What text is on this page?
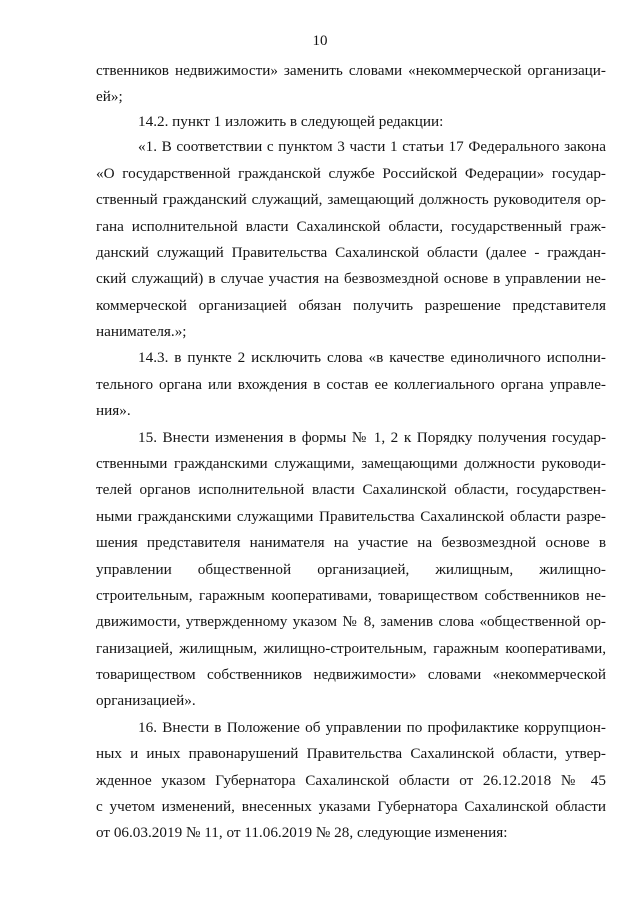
10
ственников недвижимости» заменить словами «некоммерческой организаци-
ей»;
14.2. пункт 1 изложить в следующей редакции:
«1. В соответствии с пунктом 3 части 1 статьи 17 Федерального закона
«О государственной гражданской службе Российской Федерации» государ-
ственный гражданский служащий, замещающий должность руководителя ор-
гана исполнительной власти Сахалинской области, государственный граж-
данский служащий Правительства Сахалинской области (далее - граждан-
ский служащий) в случае участия на безвозмездной основе в управлении не-
коммерческой организацией обязан получить разрешение представителя
нанимателя.»;
14.3. в пункте 2 исключить слова «в качестве единоличного исполни-
тельного органа или вхождения в состав ее коллегиального органа управле-
ния».
15. Внести изменения в формы № 1, 2 к Порядку получения государ-
ственными гражданскими служащими, замещающими должности руководи-
телей органов исполнительной власти Сахалинской области, государствен-
ными гражданскими служащими Правительства Сахалинской области разре-
шения представителя нанимателя на участие на безвозмездной основе в
управлении общественной организацией, жилищным, жилищно-
строительным, гаражным кооперативами, товариществом собственников не-
движимости, утвержденному указом № 8, заменив слова «общественной ор-
ганизацией, жилищным, жилищно-строительным, гаражным кооперативами,
товариществом собственников недвижимости» словами «некоммерческой
организацией».
16. Внести в Положение об управлении по профилактике коррупцион-
ных и иных правонарушений Правительства Сахалинской области, утвер-
жденное указом Губернатора Сахалинской области от 26.12.2018 № 45
с учетом изменений, внесенных указами Губернатора Сахалинской области
от 06.03.2019 № 11, от 11.06.2019 № 28, следующие изменения:
